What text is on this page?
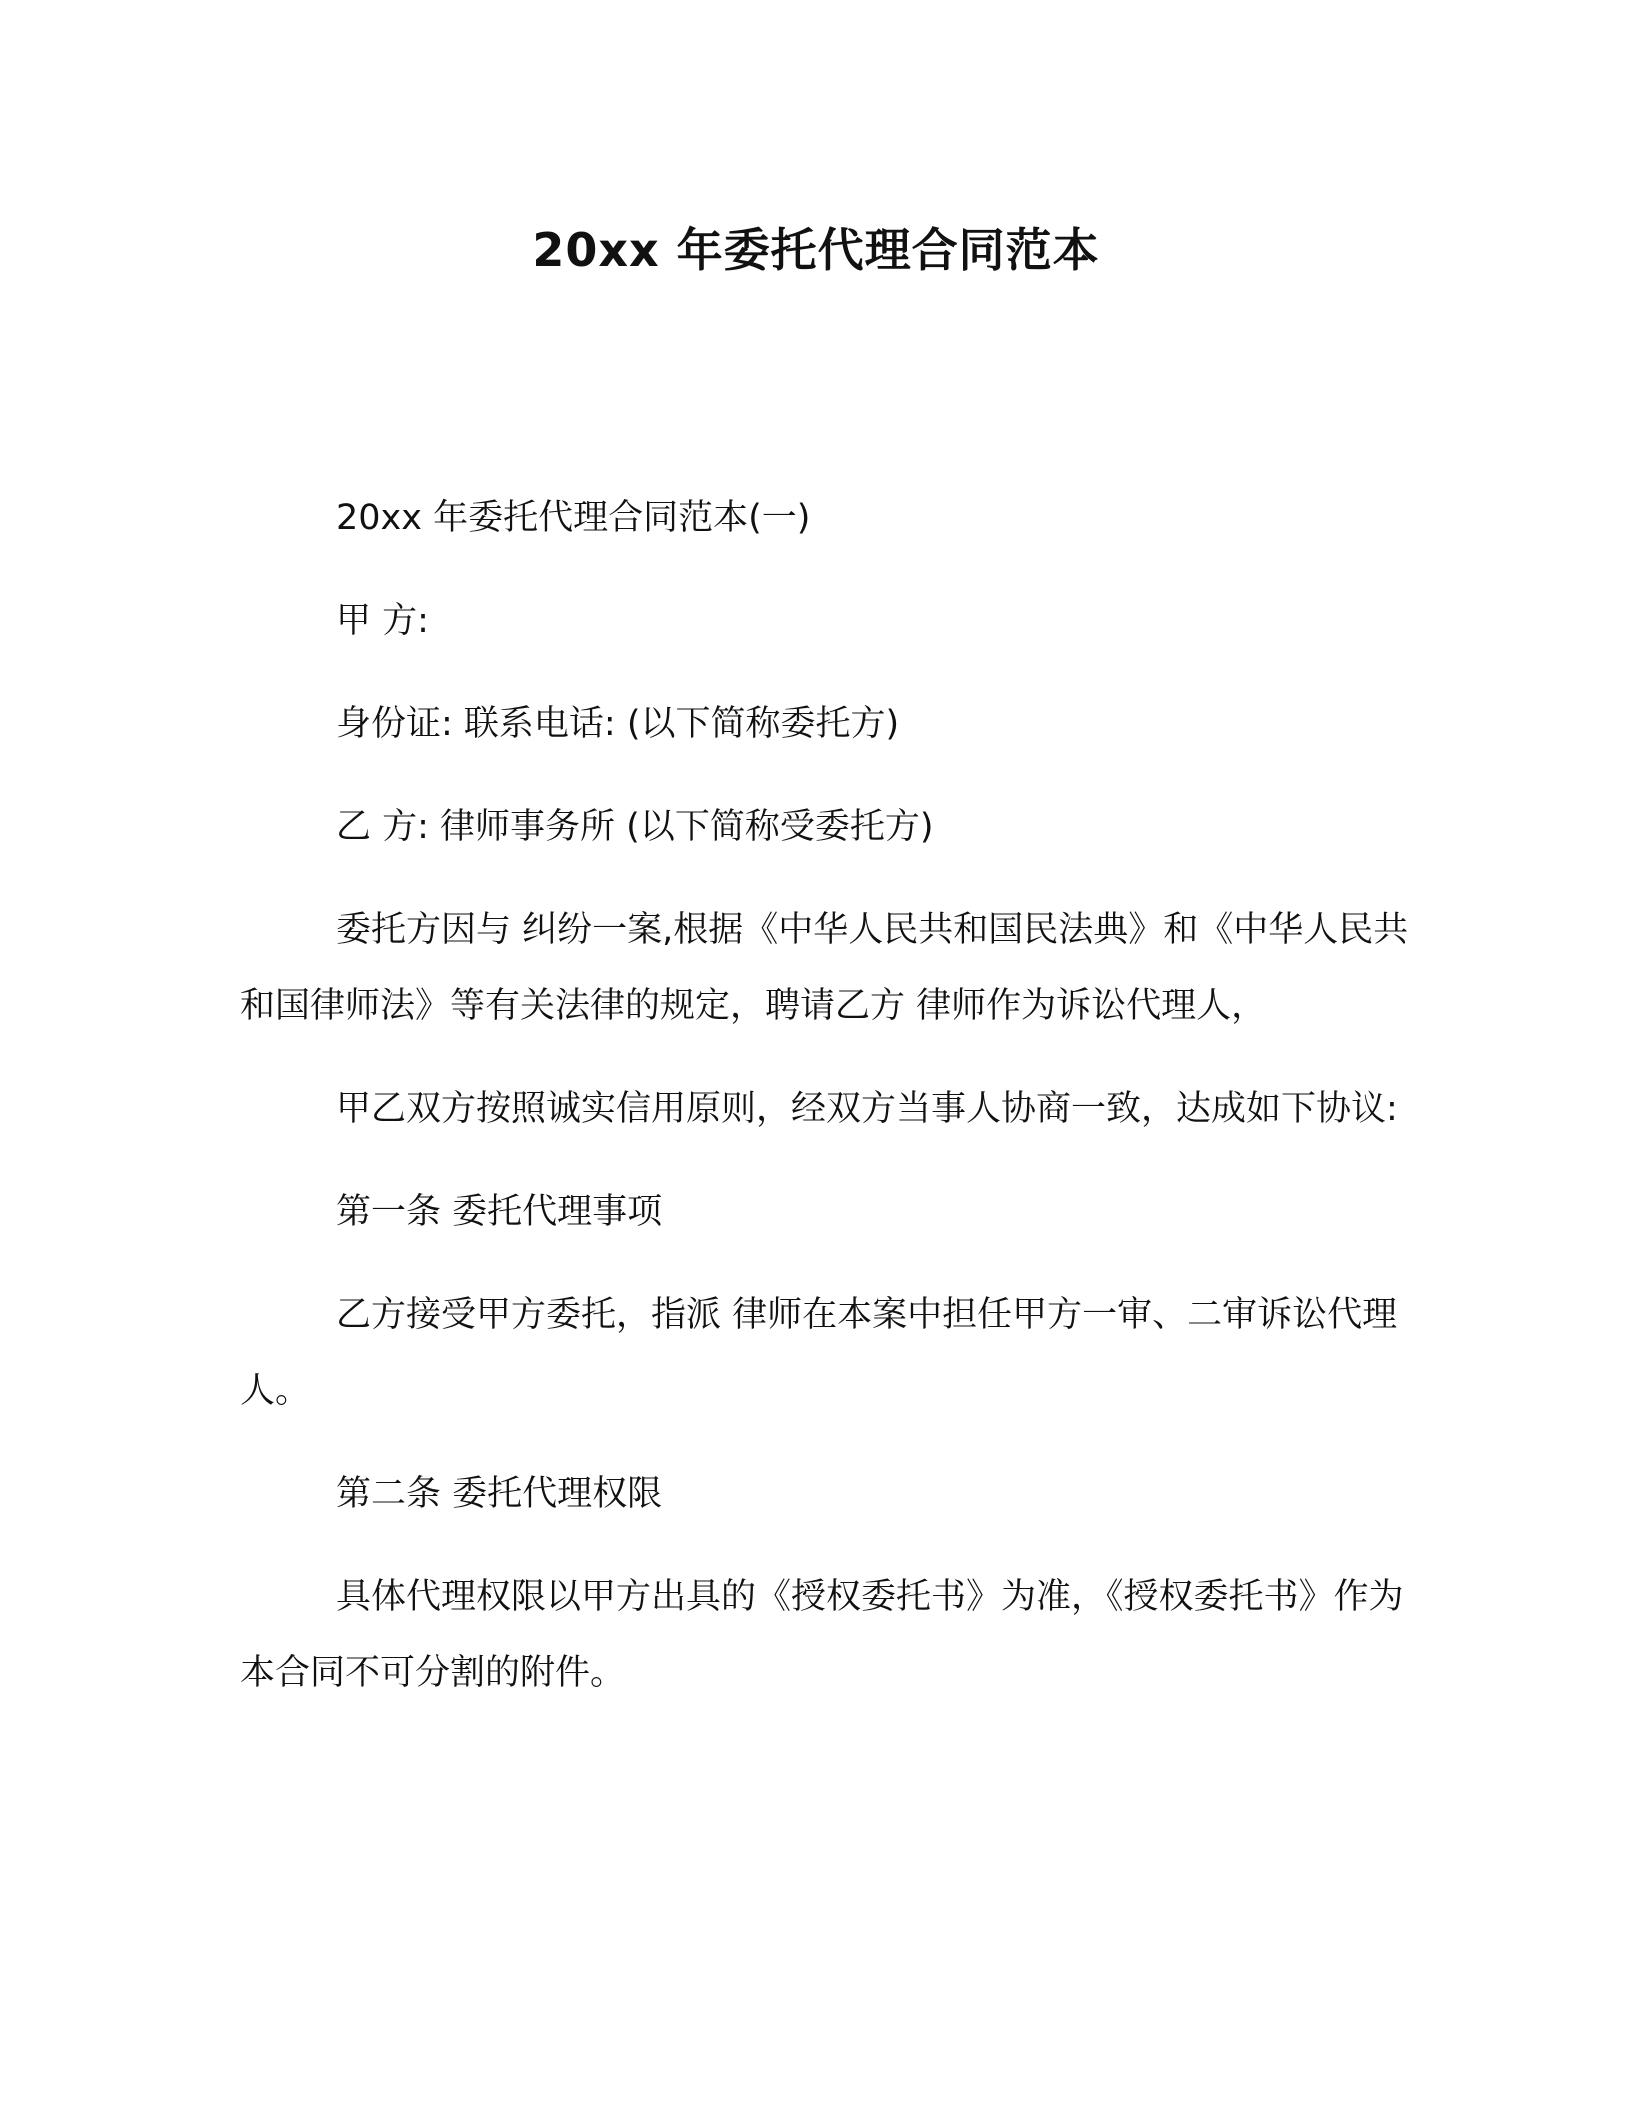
20xx 年委托代理合同范本

20xx 年委托代理合同范本(一)

甲 方:

身份证: 联系电话: (以下简称委托方)

乙 方: 律师事务所 (以下简称受委托方)

委托方因与 纠纷一案,根据《中华人民共和国民法典》和《中华人民共和国律师法》等有关法律的规定，聘请乙方 律师作为诉讼代理人，

甲乙双方按照诚实信用原则，经双方当事人协商一致，达成如下协议:

第一条 委托代理事项

乙方接受甲方委托，指派 律师在本案中担任甲方一审、二审诉讼代理人。

第二条 委托代理权限

具体代理权限以甲方出具的《授权委托书》为准，《授权委托书》作为本合同不可分割的附件。
